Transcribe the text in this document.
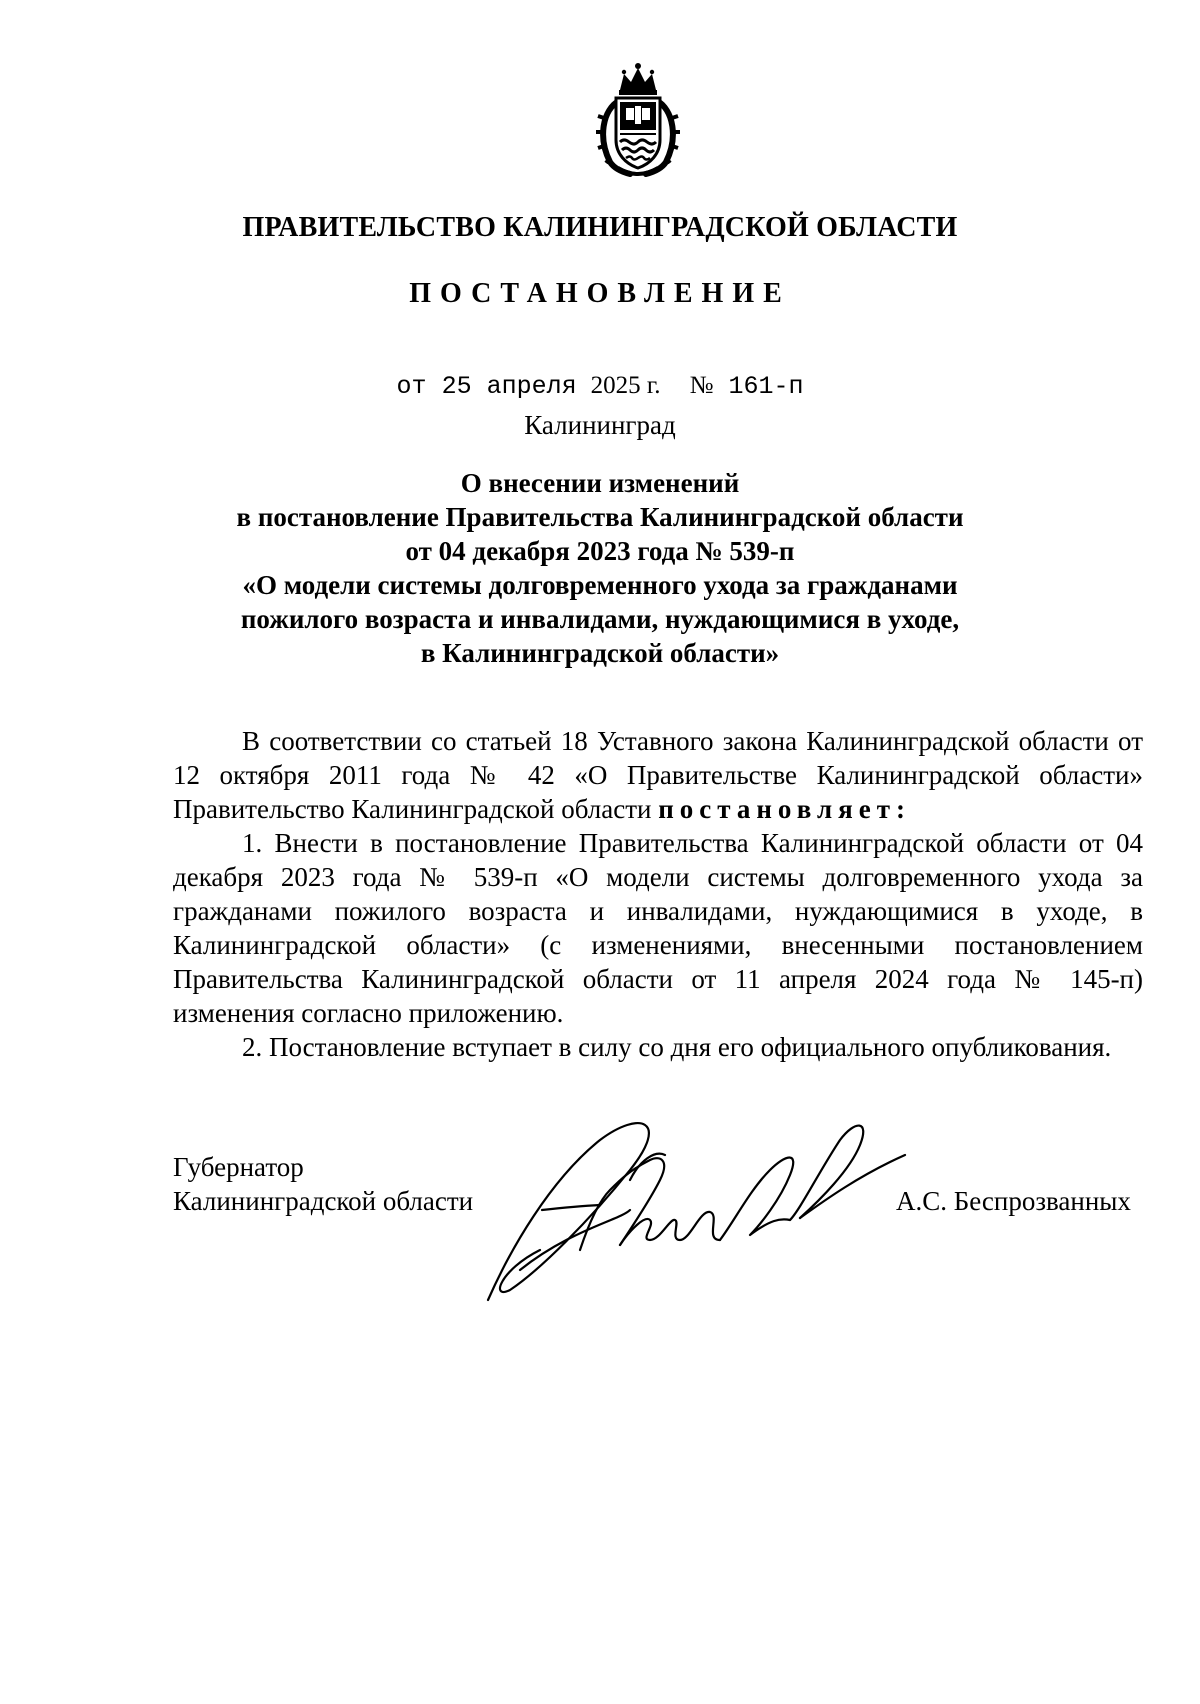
ПРАВИТЕЛЬСТВО КАЛИНИНГРАДСКОЙ ОБЛАСТИ
ПОСТАНОВЛЕНИЕ
от 25 апреля 2025 г. № 161-п
Калининград
О внесении изменений
в постановление Правительства Калининградской области
от 04 декабря 2023 года № 539-п
«О модели системы долговременного ухода за гражданами
пожилого возраста и инвалидами, нуждающимися в уходе,
в Калининградской области»

В соответствии со статьей 18 Уставного закона Калининградской области от 12 октября 2011 года № 42 «О Правительстве Калининградской области» Правительство Калининградской области постановляет:

1. Внести в постановление Правительства Калининградской области от 04 декабря 2023 года № 539-п «О модели системы долговременного ухода за гражданами пожилого возраста и инвалидами, нуждающимися в уходе, в Калининградской области» (с изменениями, внесенными постановлением Правительства Калининградской области от 11 апреля 2024 года № 145-п) изменения согласно приложению.

2. Постановление вступает в силу со дня его официального опубликования.

Губернатор
Калининградской области	А.С. Беспрозванных
